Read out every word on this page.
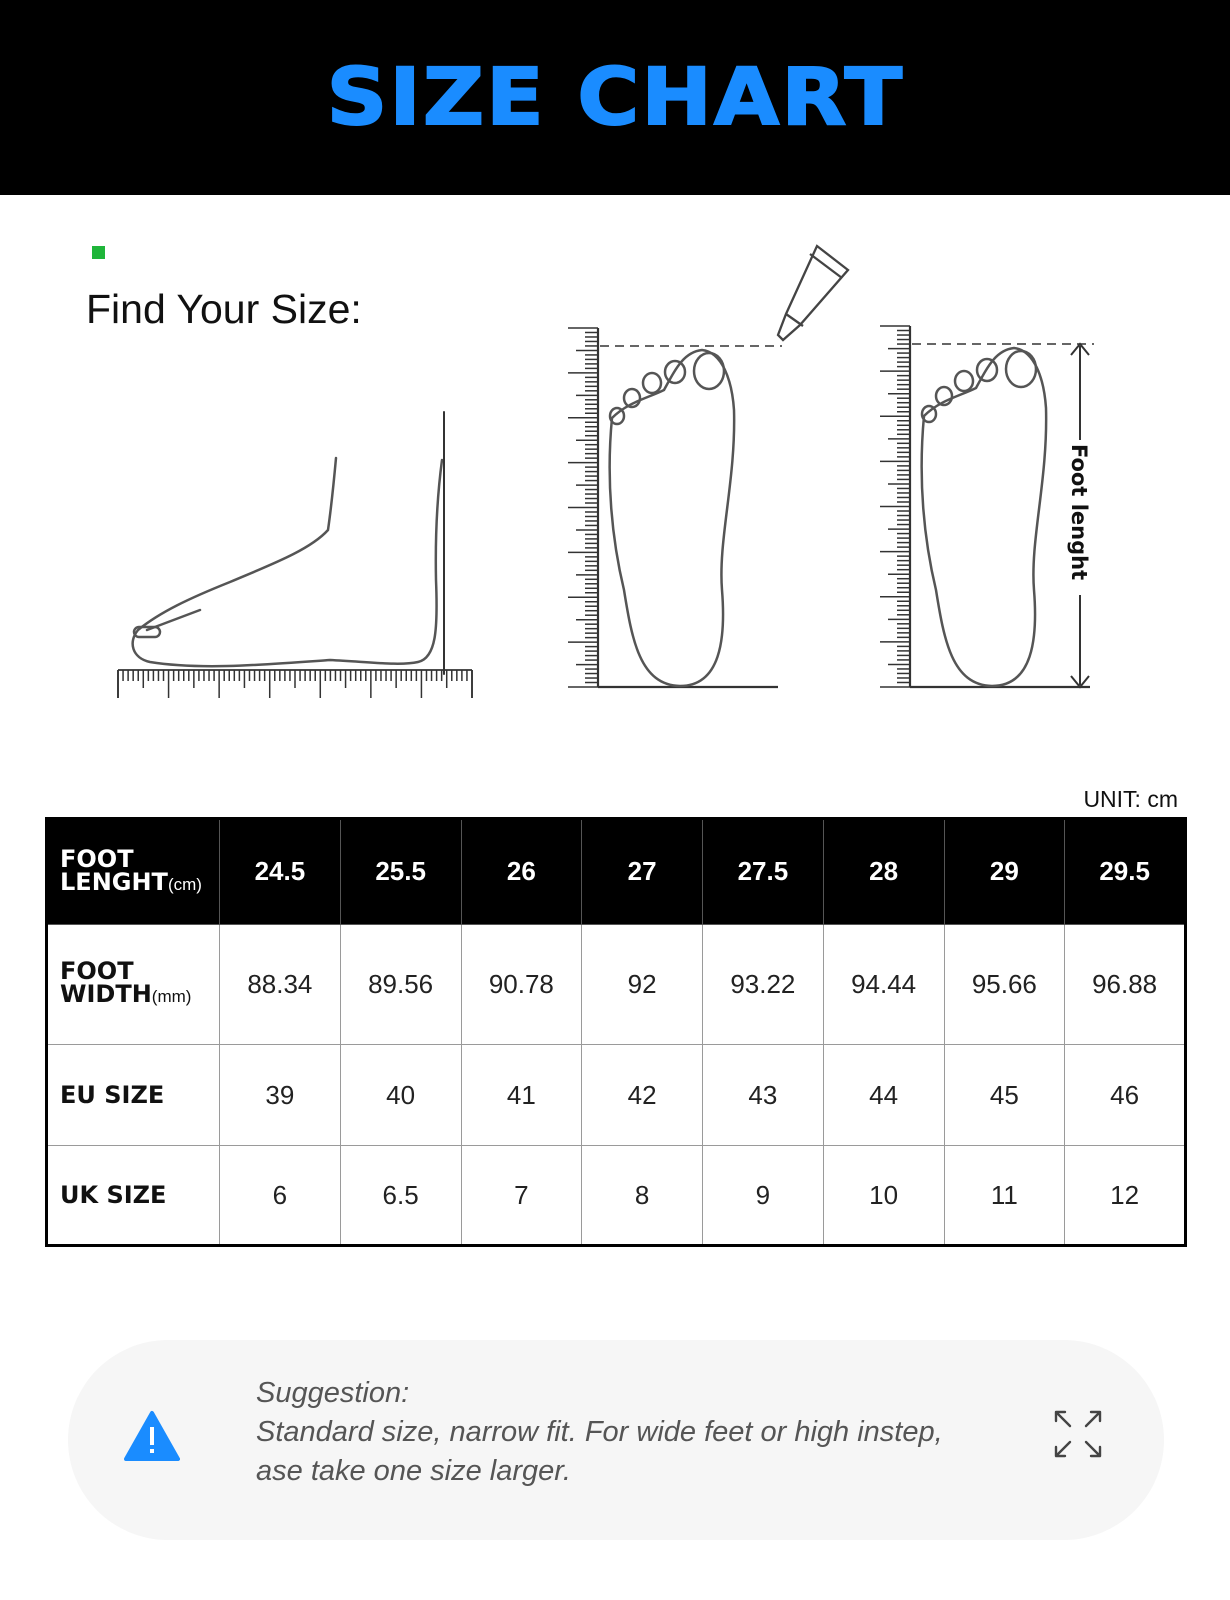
SIZE CHART
Find Your Size:
Foot lenght
UNIT: cm
FOOT
LENGHT(cm)	24.5	25.5	26	27	27.5	28	29	29.5
FOOT
WIDTH(mm)	88.34	89.56	90.78	92	93.22	94.44	95.66	96.88
EU SIZE	39	40	41	42	43	44	45	46
UK SIZE	6	6.5	7	8	9	10	11	12
Suggestion:
Standard size, narrow fit. For wide feet or high instep,
ase take one size larger.
